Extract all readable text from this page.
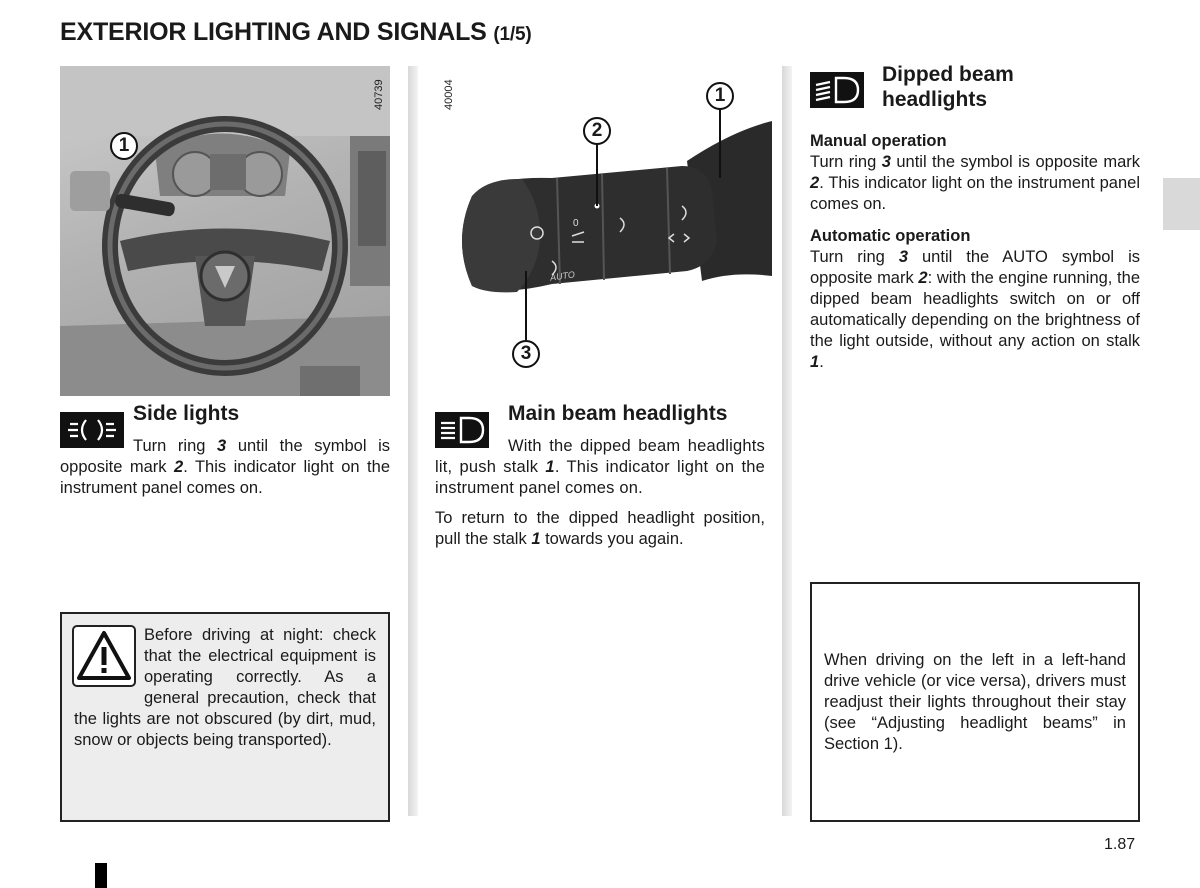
EXTERIOR LIGHTING AND SIGNALS (1/5)
40739
1
40004
0
AUTO
1
2
3
Side lights

Turn ring 3 until the symbol is opposite mark 2. This indicator light on the instrument panel comes on.

Before driving at night: check that the electrical equipment is operating correctly. As a general precaution, check that the lights are not obscured (by dirt, mud, snow or objects being transported).
Main beam headlights

With the dipped beam headlights lit, push stalk 1. This indicator light on the instrument panel comes on.

To return to the dipped headlight position, pull the stalk 1 towards you again.

Dipped beam
headlights

Manual operation

Turn ring 3 until the symbol is opposite mark 2. This indicator light on the instrument panel comes on.

Automatic operation

Turn ring 3 until the AUTO symbol is opposite mark 2: with the engine running, the dipped beam headlights switch on or off automatically depending on the brightness of the light outside, without any action on stalk 1.

When driving on the left in a left-hand drive vehicle (or vice versa), drivers must readjust their lights throughout their stay (see “Adjusting headlight beams” in Section 1).
1.87
